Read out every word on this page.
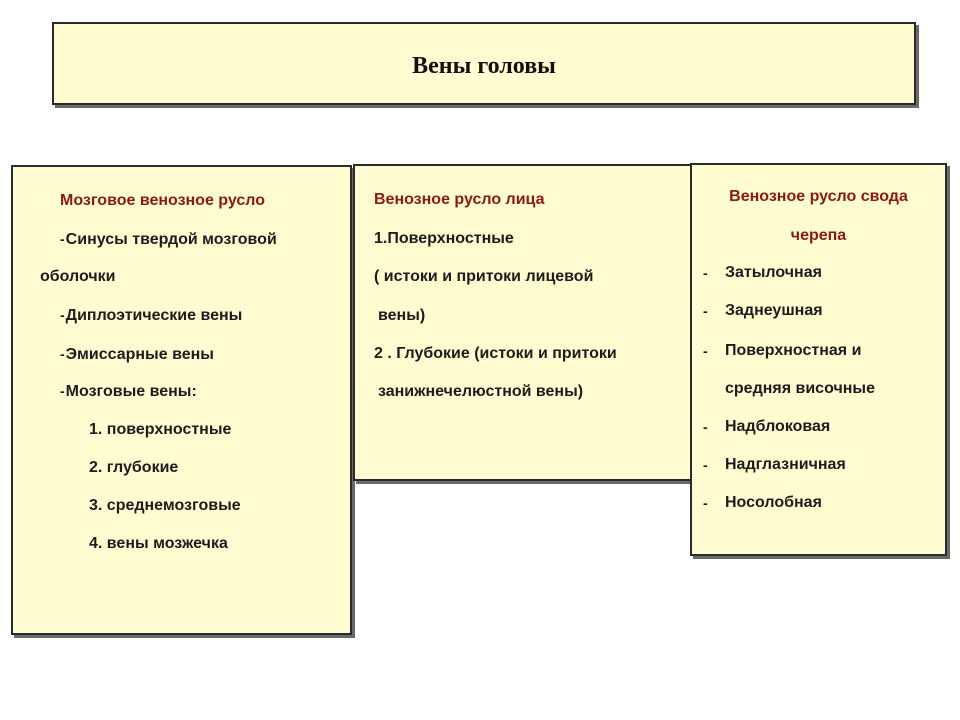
Вены головы
Мозговое венозное русло
-Синусы твердой мозговой
оболочки
-Диплоэтические вены
-Эмиссарные вены
-Мозговые вены:
1. поверхностные
2. глубокие
3. среднемозговые
4. вены мозжечка
Венозное русло лица
1.Поверхностные
( истоки и притоки лицевой
вены)
2 . Глубокие (истоки и притоки
занижнечелюстной вены)
Венозное русло свода
черепа
- Затылочная
- Заднеушная
- Поверхностная и
средняя височные
- Надблоковая
- Надглазничная
- Носолобная
